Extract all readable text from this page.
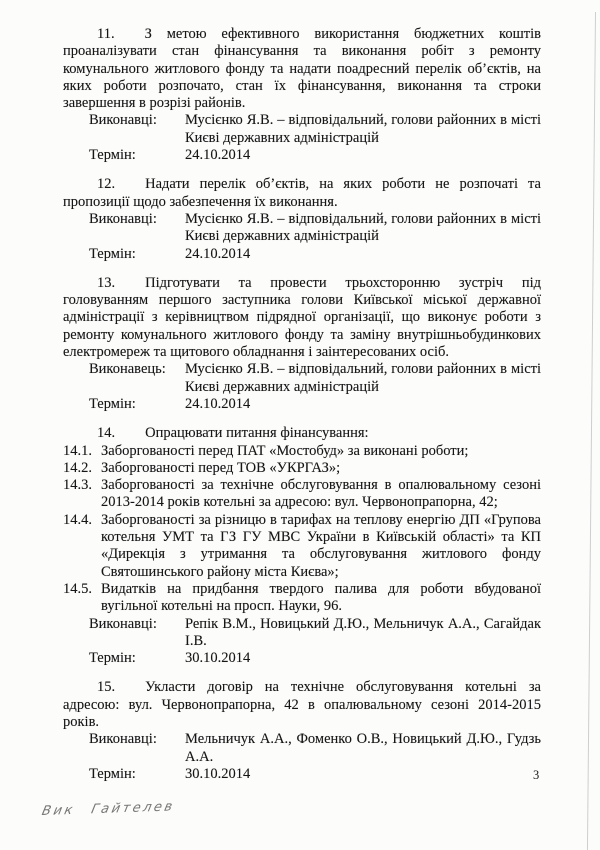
11. З метою ефективного використання бюджетних коштів проаналізувати стан фінансування та виконання робіт з ремонту комунального житлового фонду та надати поадресний перелік об’єктів, на яких роботи розпочато, стан їх фінансування, виконання та строки завершення в розрізі районів.

Виконавці:	Мусієнко Я.В. – відповідальний, голови районних в місті Києві державних адміністрацій
Термін:	24.10.2014

12. Надати перелік об’єктів, на яких роботи не розпочаті та пропозиції щодо забезпечення їх виконання.

Виконавці:	Мусієнко Я.В. – відповідальний, голови районних в місті Києві державних адміністрацій
Термін:	24.10.2014

13. Підготувати та провести трьохсторонню зустріч під головуванням першого заступника голови Київської міської державної адміністрації з керівництвом підрядної організації, що виконує роботи з ремонту комунального житлового фонду та заміну внутрішньобудинкових електромереж та щитового обладнання і заінтересованих осіб.

Виконавець:	Мусієнко Я.В. – відповідальний, голови районних в місті Києві державних адміністрацій
Термін:	24.10.2014

14. Опрацювати питання фінансування:

14.1. Заборгованості перед ПАТ «Мостобуд» за виконані роботи;
14.2. Заборгованості перед ТОВ «УКРГАЗ»;
14.3. Заборгованості за технічне обслуговування в опалювальному сезоні 2013-2014 років котельні за адресою: вул. Червонопрапорна, 42;
14.4. Заборгованості за різницю в тарифах на теплову енергію ДП «Групова котельня УМТ та ГЗ ГУ МВС України в Київській області» та КП «Дирекція з утримання та обслуговування житлового фонду Святошинського району міста Києва»;
14.5. Видатків на придбання твердого палива для роботи вбудованої вугільної котельні на просп. Науки, 96.
Виконавці:	Репік В.М., Новицький Д.Ю., Мельничук А.А., Сагайдак І.В.
Термін:	30.10.2014

15. Укласти договір на технічне обслуговування котельні за адресою: вул. Червонопрапорна, 42 в опалювальному сезоні 2014-2015 років.

Виконавці:	Мельничук А.А., Фоменко О.В., Новицький Д.Ю., Гудзь А.А.
Термін:	30.10.2014	3
Вик Гайтелев
